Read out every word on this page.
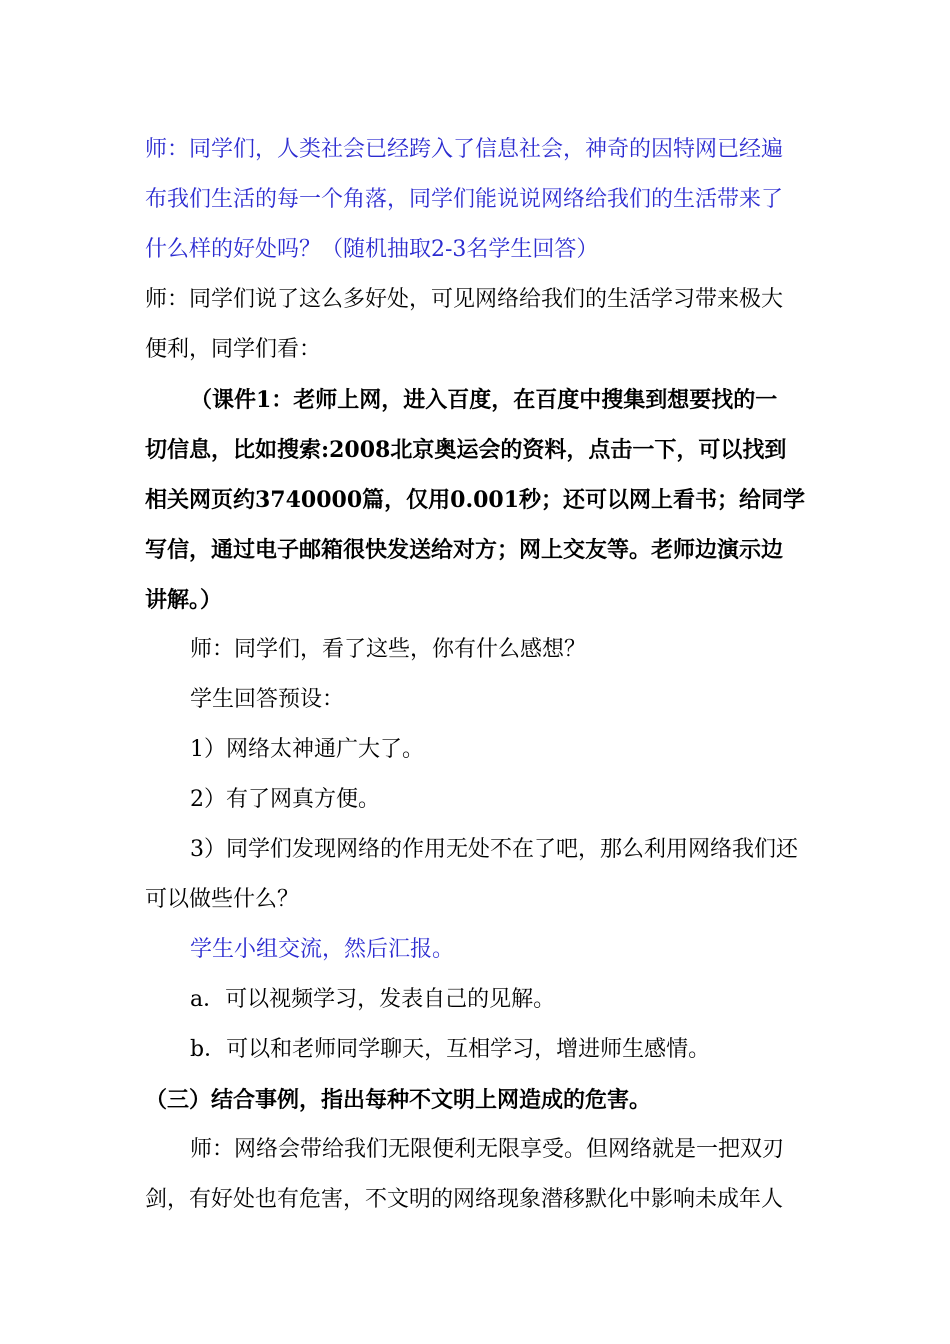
师：同学们，人类社会已经跨入了信息社会，神奇的因特网已经遍
布我们生活的每一个角落，同学们能说说网络给我们的生活带来了
什么样的好处吗？（随机抽取2-3名学生回答）
师：同学们说了这么多好处，可见网络给我们的生活学习带来极大
便利，同学们看：
（课件1：老师上网，进入百度，在百度中搜集到想要找的一
切信息，比如搜索:2008北京奥运会的资料，点击一下，可以找到
相关网页约3740000篇，仅用0.001秒；还可以网上看书；给同学
写信，通过电子邮箱很快发送给对方；网上交友等。老师边演示边
讲解。）
师：同学们，看了这些，你有什么感想？
学生回答预设：
1）网络太神通广大了。
2）有了网真方便。
3）同学们发现网络的作用无处不在了吧，那么利用网络我们还
可以做些什么？
学生小组交流，然后汇报。
a．可以视频学习，发表自己的见解。
b．可以和老师同学聊天，互相学习，增进师生感情。
（三）结合事例，指出每种不文明上网造成的危害。
师：网络会带给我们无限便利无限享受。但网络就是一把双刃
剑，有好处也有危害，不文明的网络现象潜移默化中影响未成年人
